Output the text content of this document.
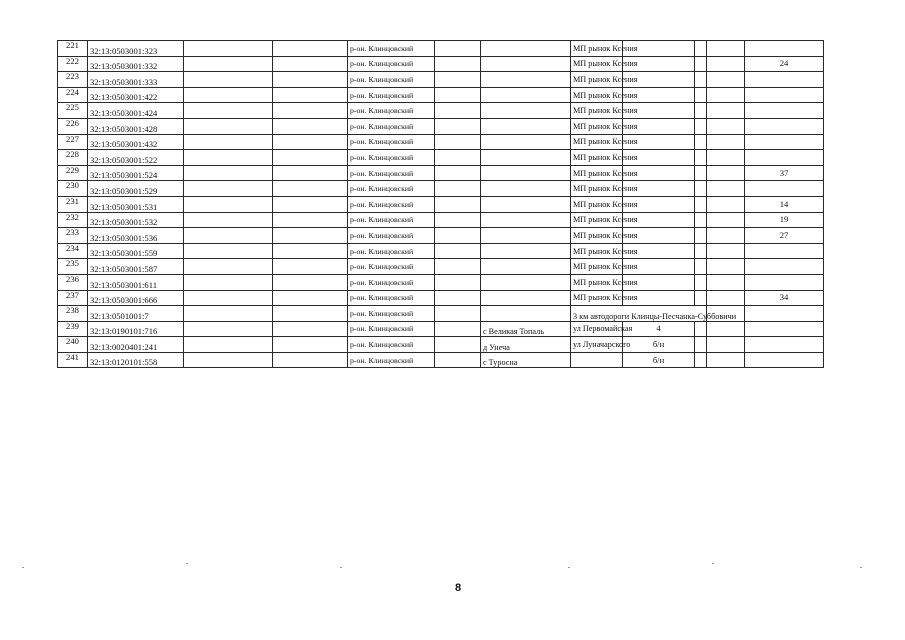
221	32:13:0503001:323			р-он. Клинцовский			МП рынок Ксения				
222	32:13:0503001:332			р-он. Клинцовский			МП рынок Ксения				24
223	32:13:0503001:333			р-он. Клинцовский			МП рынок Ксения				
224	32:13:0503001:422			р-он. Клинцовский			МП рынок Ксения				
225	32:13:0503001:424			р-он. Клинцовский			МП рынок Ксения				
226	32:13:0503001:428			р-он. Клинцовский			МП рынок Ксения				
227	32:13:0503001:432			р-он. Клинцовский			МП рынок Ксения				
228	32:13:0503001:522			р-он. Клинцовский			МП рынок Ксения				
229	32:13:0503001:524			р-он. Клинцовский			МП рынок Ксения				37
230	32:13:0503001:529			р-он. Клинцовский			МП рынок Ксения				
231	32:13:0503001:531			р-он. Клинцовский			МП рынок Ксения				14
232	32:13:0503001:532			р-он. Клинцовский			МП рынок Ксения				19
233	32:13:0503001:536			р-он. Клинцовский			МП рынок Ксения				27
234	32:13:0503001:559			р-он. Клинцовский			МП рынок Ксения				
235	32:13:0503001:587			р-он. Клинцовский			МП рынок Ксения				
236	32:13:0503001:611			р-он. Клинцовский			МП рынок Ксения				
237	32:13:0503001:666			р-он. Клинцовский			МП рынок Ксения				34
238	32:13:0501001:7			р-он. Клинцовский			3 км автодороги Клинцы-Песчанка-Суббовичи				
239	32:13:0190101:716			р-он. Клинцовский		с Великая Топаль	ул Первомайская	4			
240	32:13:0020401:241			р-он. Клинцовский		д Унеча	ул Луначарского	б/н			
241	32:13:0120101:558			р-он. Клинцовский		с Туросна		б/н			
8
